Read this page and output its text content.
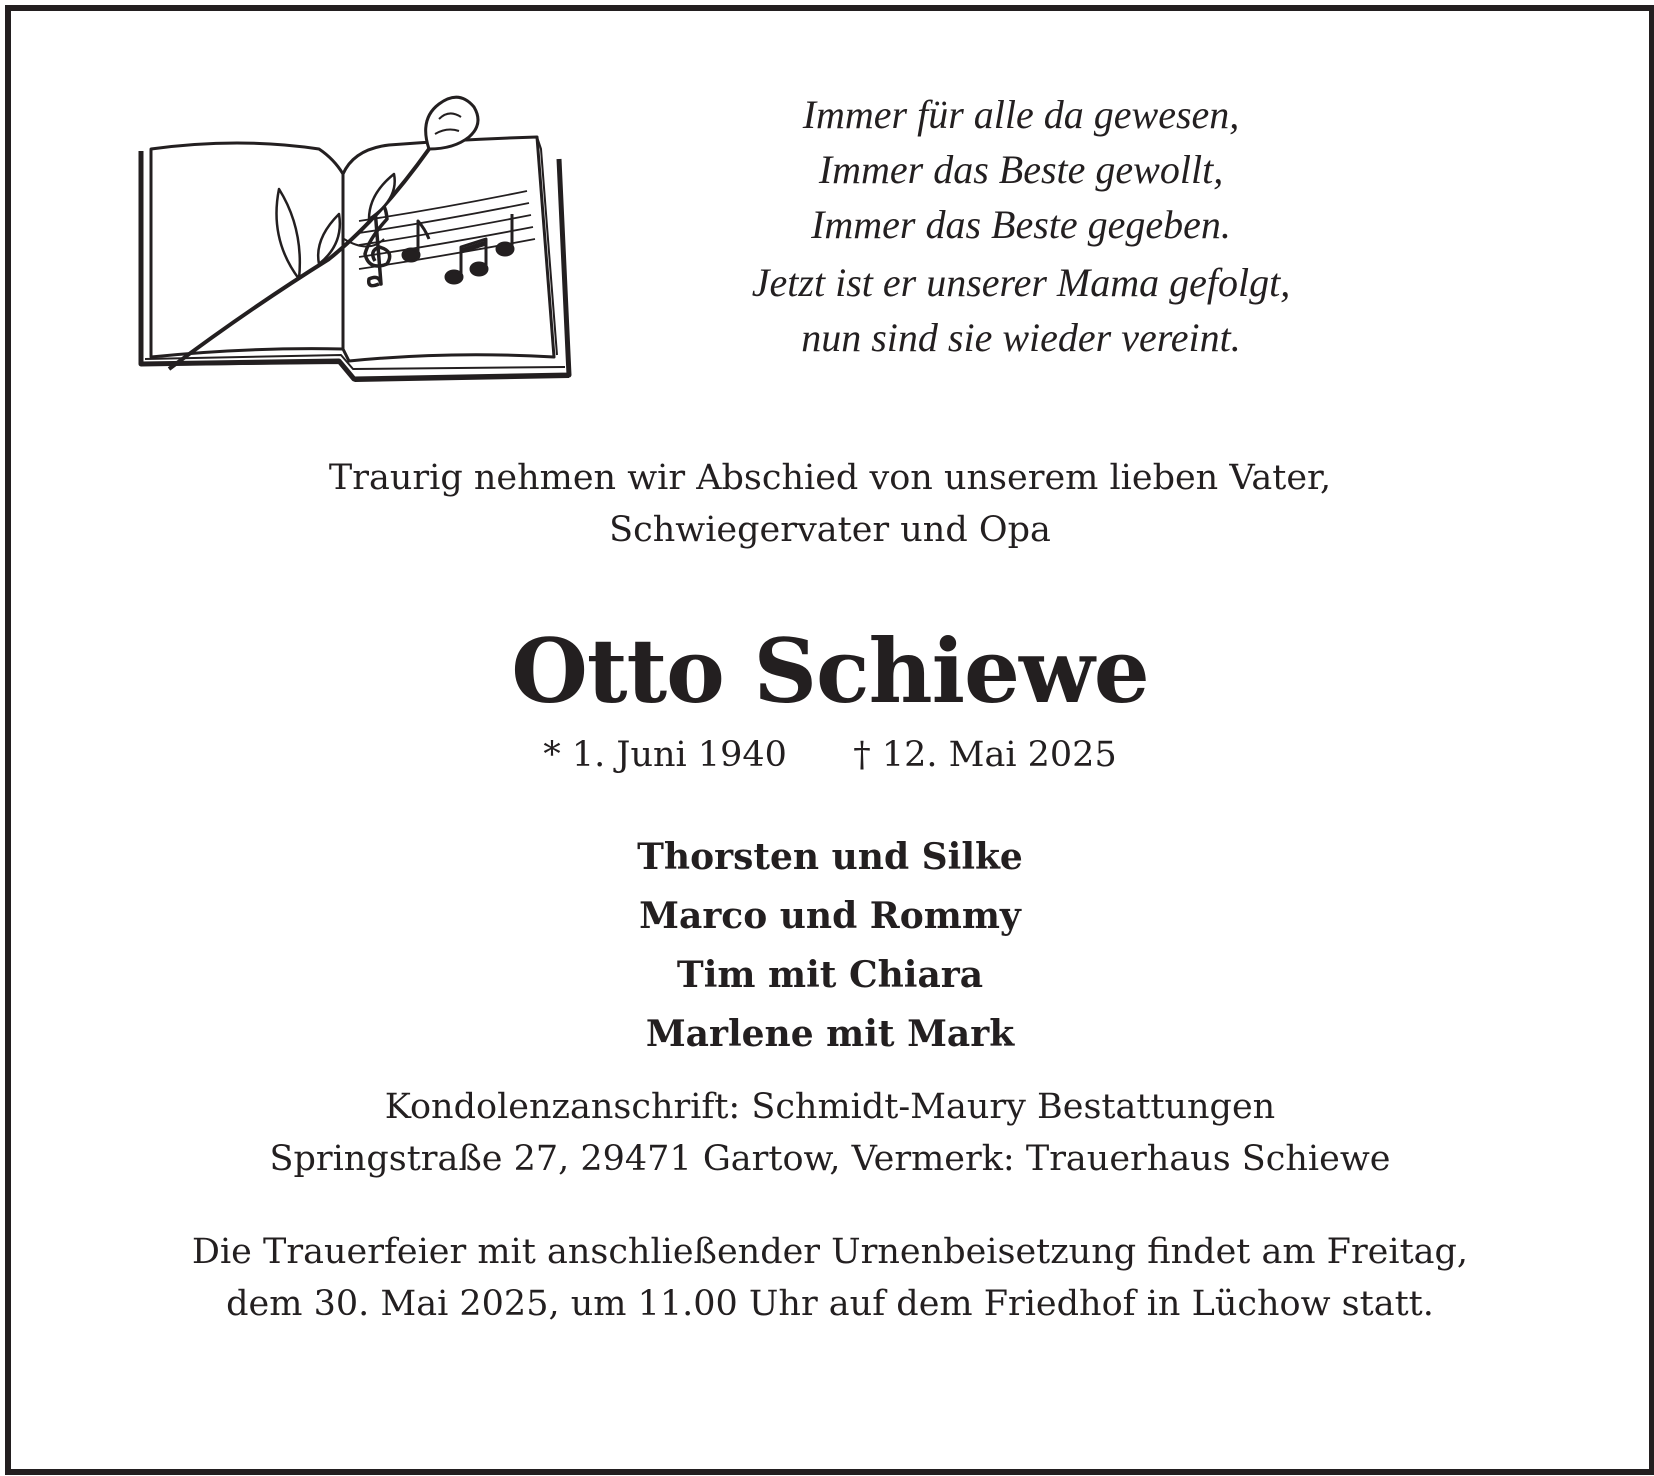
Immer für alle da gewesen,
Immer das Beste gewollt,
Immer das Beste gegeben.
Jetzt ist er unserer Mama gefolgt,
nun sind sie wieder vereint.
Traurig nehmen wir Abschied von unserem lieben Vater,
Schwiegervater und Opa
Otto Schiewe
* 1. Juni 1940 † 12. Mai 2025
Thorsten und Silke
Marco und Rommy
Tim mit Chiara
Marlene mit Mark
Kondolenzanschrift: Schmidt-Maury Bestattungen
Springstraße 27, 29471 Gartow, Vermerk: Trauerhaus Schiewe
Die Trauerfeier mit anschließender Urnenbeisetzung findet am Freitag,
dem 30. Mai 2025, um 11.00 Uhr auf dem Friedhof in Lüchow statt.
